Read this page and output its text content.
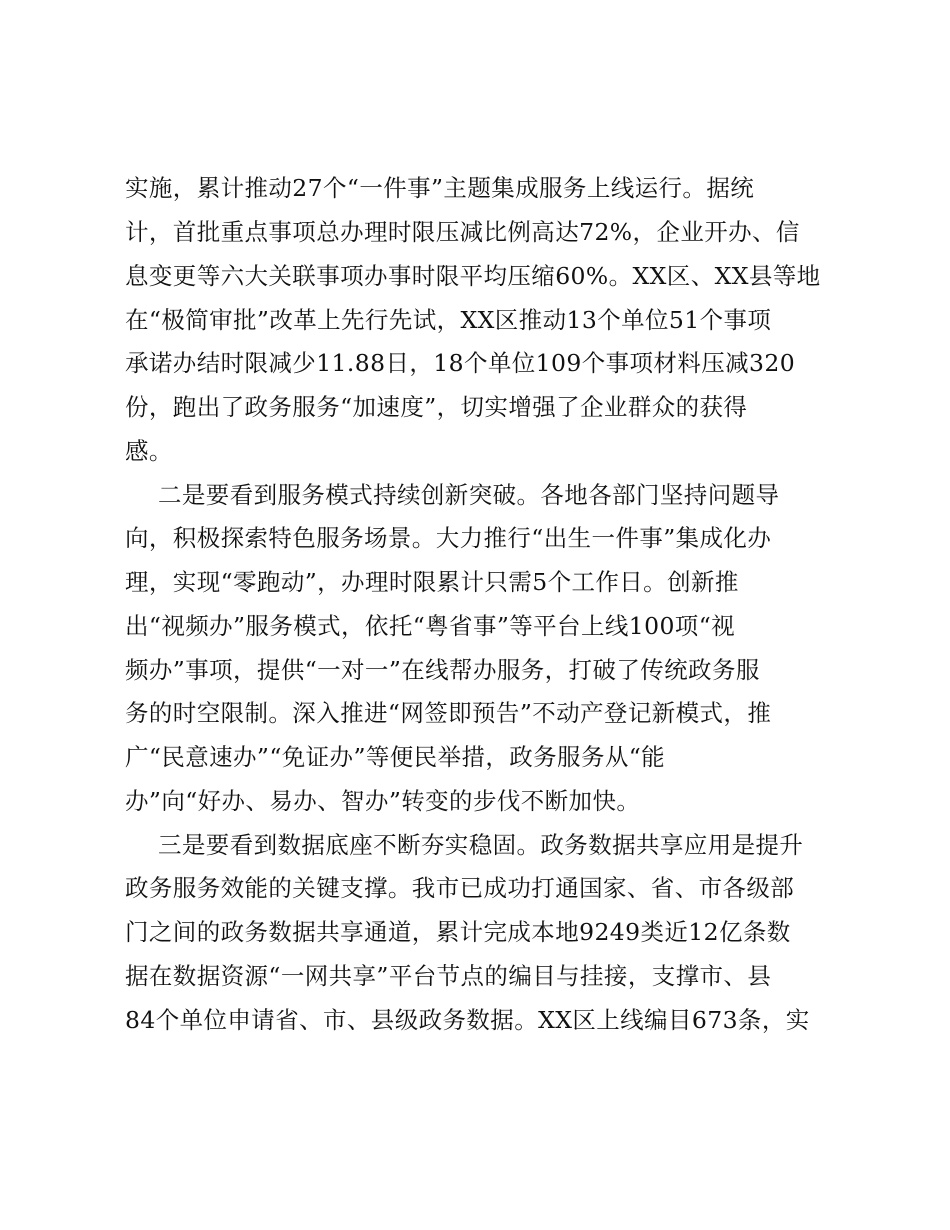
实施，累计推动27个“一件事”主题集成服务上线运行。据统
计，首批重点事项总办理时限压减比例高达72%，企业开办、信
息变更等六大关联事项办事时限平均压缩60%。XX区、XX县等地
在“极简审批”改革上先行先试，XX区推动13个单位51个事项
承诺办结时限减少11.88日，18个单位109个事项材料压减320
份，跑出了政务服务“加速度”，切实增强了企业群众的获得
感。
二是要看到服务模式持续创新突破。各地各部门坚持问题导
向，积极探索特色服务场景。大力推行“出生一件事”集成化办
理，实现“零跑动”，办理时限累计只需5个工作日。创新推
出“视频办”服务模式，依托“粤省事”等平台上线100项“视
频办”事项，提供“一对一”在线帮办服务，打破了传统政务服
务的时空限制。深入推进“网签即预告”不动产登记新模式，推
广“民意速办”“免证办”等便民举措，政务服务从“能
办”向“好办、易办、智办”转变的步伐不断加快。
三是要看到数据底座不断夯实稳固。政务数据共享应用是提升
政务服务效能的关键支撑。我市已成功打通国家、省、市各级部
门之间的政务数据共享通道，累计完成本地9249类近12亿条数
据在数据资源“一网共享”平台节点的编目与挂接，支撑市、县
84个单位申请省、市、县级政务数据。XX区上线编目673条，实
